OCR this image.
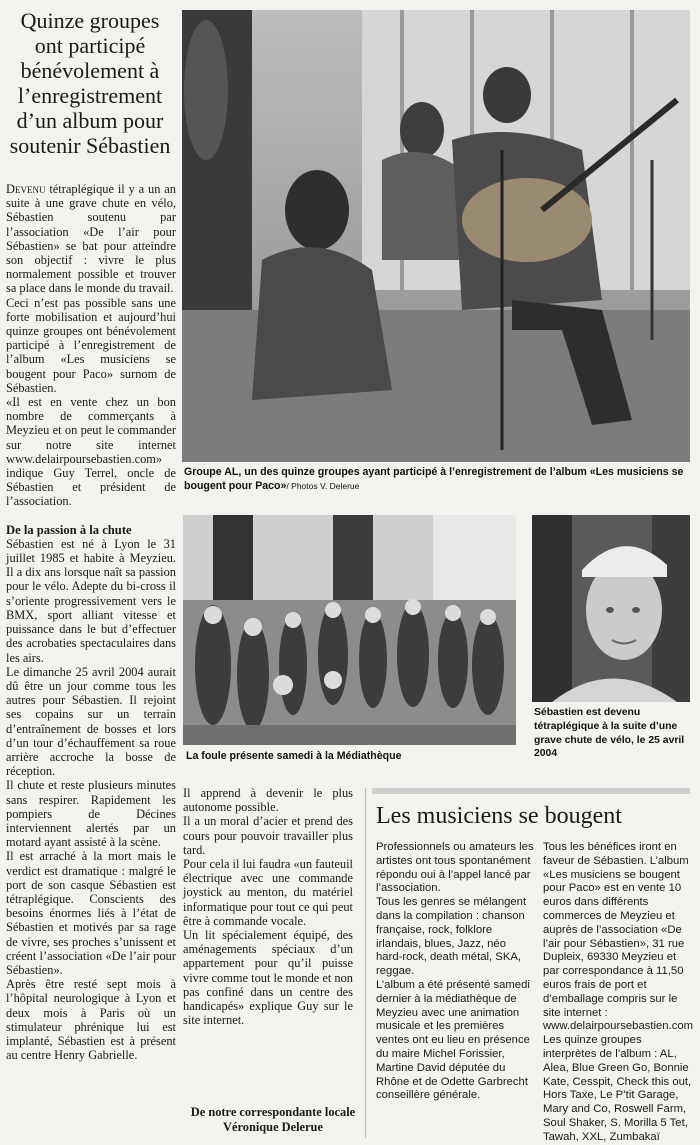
Quinze groupes ont participé bénévolement à l’enregistrement d’un album pour soutenir Sébastien

Devenu tétraplégique il y a un an suite à une grave chute en vélo, Sébastien soutenu par l’association «De l’air pour Sébastien» se bat pour atteindre son objectif : vivre le plus normalement possible et trouver sa place dans le monde du travail.

Ceci n’est pas possible sans une forte mobilisation et aujourd’hui quinze groupes ont bénévolement participé à l’enregistrement de l’album «Les musiciens se bougent pour Paco» surnom de Sébastien.

«Il est en vente chez un bon nombre de commerçants à Meyzieu et on peut le commander sur notre site internet www.delairpoursebastien.com» indique Guy Terrel, oncle de Sébastien et président de l’association.

De la passion à la chute

Sébastien est né à Lyon le 31 juillet 1985 et habite à Meyzieu. Il a dix ans lorsque naît sa passion pour le vélo. Adepte du bi-cross il s’oriente progressivement vers le BMX, sport alliant vitesse et puissance dans le but d’effectuer des acrobaties spectaculaires dans les airs.

Le dimanche 25 avril 2004 aurait dû être un jour comme tous les autres pour Sébastien. Il rejoint ses copains sur un terrain d’entraînement de bosses et lors d’un tour d’échauffement sa roue arrière accroche la bosse de réception.

Il chute et reste plusieurs minutes sans respirer. Rapidement les pompiers de Décines interviennent alertés par un motard ayant assisté à la scène.

Il est arraché à la mort mais le verdict est dramatique : malgré le port de son casque Sébastien est tétraplégique. Conscients des besoins énormes liés à l’état de Sébastien et motivés par sa rage de vivre, ses proches s’unissent et créent l’association «De l’air pour Sébastien».

Après être resté sept mois à l’hôpital neurologique à Lyon et deux mois à Paris où un stimulateur phrénique lui est implanté, Sébastien est à présent au centre Henry Gabrielle.

Groupe AL, un des quinze groupes ayant participé à l’enregistrement de l’album «Les musiciens se bougent pour Paco»/ Photos V. Delerue
La foule présente samedi à la Médiathèque
Sébastien est devenu tétraplégique à la suite d’une grave chute de vélo, le 25 avril 2004

Il apprend à devenir le plus autonome possible.

Il a un moral d’acier et prend des cours pour pouvoir travailler plus tard.

Pour cela il lui faudra «un fauteuil électrique avec une commande joystick au menton, du matériel informatique pour tout ce qui peut être à commande vocale.

Un lit spécialement équipé, des aménagements spéciaux d’un appartement pour qu’il puisse vivre comme tout le monde et non pas confiné dans un centre des handicapés» explique Guy sur le site internet.

De notre correspondante locale Véronique Delerue
Les musiciens se bougent
Professionnels ou amateurs les artistes ont tous spontanément répondu oui à l’appel lancé par l’association.
Tous les genres se mélangent dans la compilation : chanson française, rock, folklore irlandais, blues, Jazz, néo hard-rock, death métal, SKA, reggae.
L’album a été présenté samedi dernier à la médiathèque de Meyzieu avec une animation musicale et les premières ventes ont eu lieu en présence du maire Michel Forissier, Martine David députée du Rhône et de Odette Garbrecht conseillère générale.
Tous les bénéfices iront en faveur de Sébastien. L’album «Les musiciens se bougent pour Paco» est en vente 10 euros dans différents commerces de Meyzieu et auprès de l’association «De l’air pour Sébastien», 31 rue Dupleix, 69330 Meyzieu et par correspondance à 11,50 euros frais de port et d’emballage compris sur le site internet : www.delairpoursebastien.com
Les quinze groupes interprètes de l’album : AL, Alea, Blue Green Go, Bonnie Kate, Cesspit, Check this out, Hors Taxe, Le P’tit Garage, Mary and Co, Roswell Farm, Soul Shaker, S. Morilla 5 Tet, Tawah, XXL, Zumbakaï
